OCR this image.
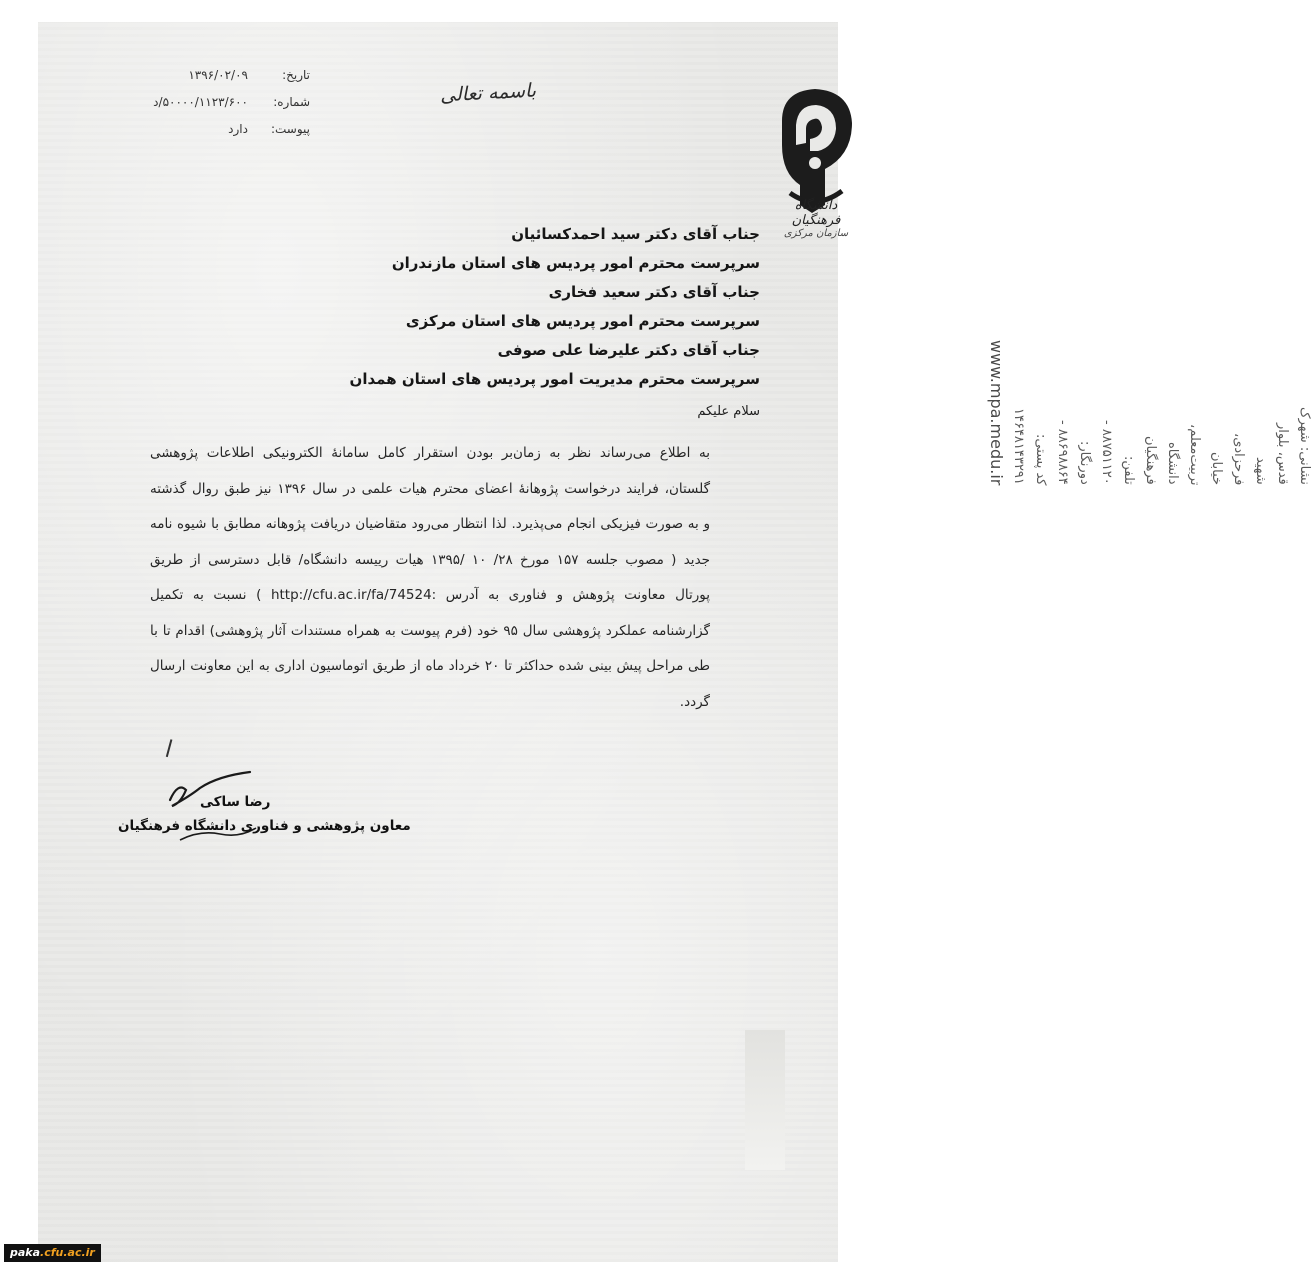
تاریخ:
۱۳۹۶/۰۲/۰۹
شماره:
۵۰۰۰۰/۱۱۲۳/۶۰۰/د
پیوست:
دارد
باسمه تعالی
دانشگاه فرهنگیان
سازمان مرکزی
نشانی: شهرک قدس، بلوار شهید فرحزادی، خیابان تربیت‌معلم، دانشگاه فرهنگیان
تلفن: ۸۸۷۵۱۱۲۰ - دورنگار: ۸۸۶۹۸۸۶۴ - کد پستی: ۱۴۶۴۸۱۴۳۲۹۱
www.mpa.medu.ir
جناب آقای دکتر سید احمدکسائیان
سرپرست محترم امور پردیس های استان مازندران
جناب آقای دکتر سعید فخاری
سرپرست محترم امور پردیس های استان مرکزی
جناب آقای دکتر علیرضا علی صوفی
سرپرست محترم مدیریت امور پردیس های استان همدان
سلام علیکم
به اطلاع می‌رساند نظر به زمان‌بر بودن استقرار کامل سامانهٔ الکترونیکی اطلاعات پژوهشی
گلستان، فرایند درخواست پژوهانهٔ اعضای محترم هیات علمی در سال ۱۳۹۶ نیز طبق روال گذشته
و به صورت فیزیکی انجام می‌پذیرد. لذا انتظار می‌رود متقاضیان دریافت پژوهانه مطابق با شیوه نامه
جدید ( مصوب جلسه ۱۵۷ مورخ ۲۸/ ۱۰ /۱۳۹۵ هیات رییسه دانشگاه/ قابل دسترسی از طریق
پورتال معاونت پژوهش و فناوری به آدرس :http://cfu.ac.ir/fa/74524 ) نسبت به تکمیل
گزارشنامه عملکرد پژوهشی سال ۹۵ خود (فرم پیوست به همراه مستندات آثار پژوهشی) اقدام تا با
طی مراحل پیش بینی شده حداکثر تا ۲۰ خرداد ماه از طریق اتوماسیون اداری به این معاونت ارسال
گردد.
رضا ساکی
معاون پژوهشی و فناوری دانشگاه فرهنگیان
paka.cfu.ac.ir
